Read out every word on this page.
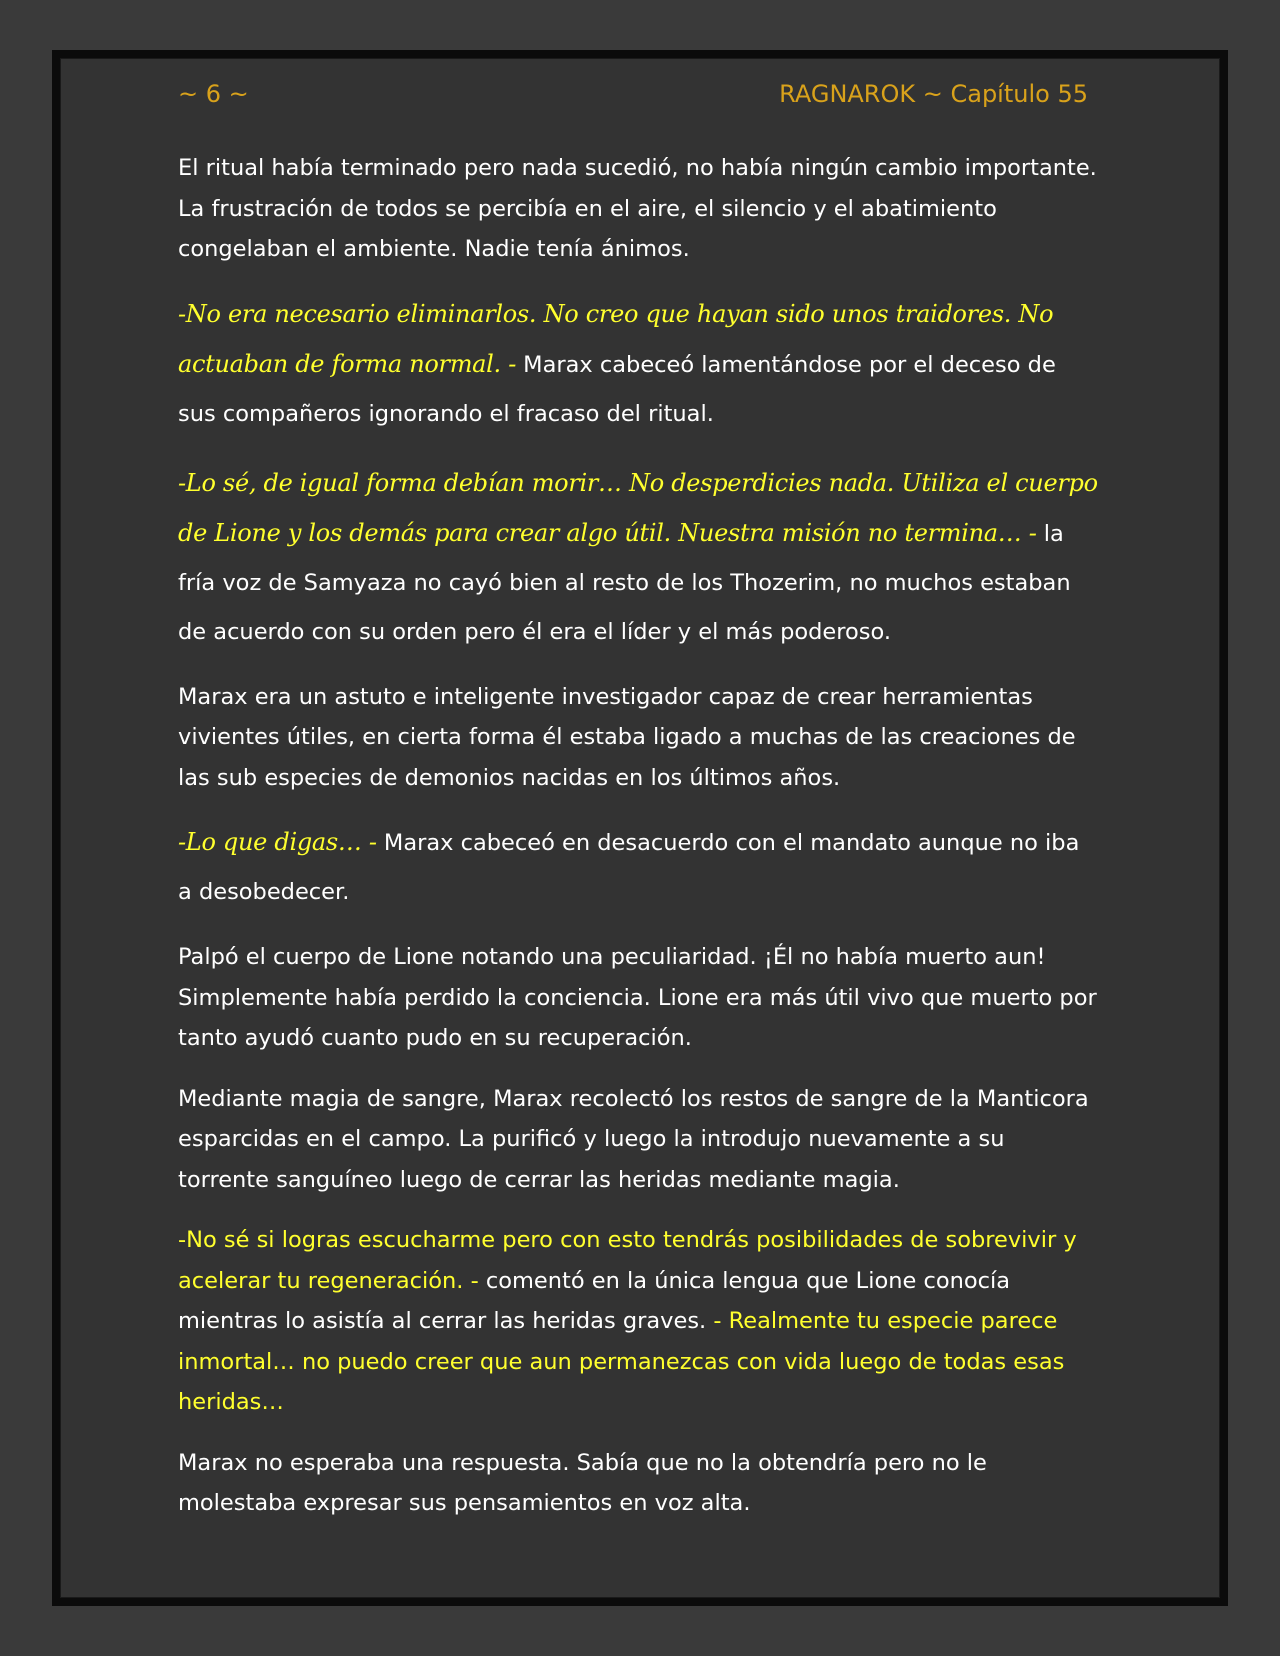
~ 6 ~	RAGNAROK ~ Capítulo 55

El ritual había terminado pero nada sucedió, no había ningún cambio importante. La frustración de todos se percibía en el aire, el silencio y el abatimiento congelaban el ambiente. Nadie tenía ánimos.

-No era necesario eliminarlos. No creo que hayan sido unos traidores. No actuaban de forma normal. - Marax cabeceó lamentándose por el deceso de sus compañeros ignorando el fracaso del ritual.

-Lo sé, de igual forma debían morir… No desperdicies nada. Utiliza el cuerpo de Lione y los demás para crear algo útil. Nuestra misión no termina… - la fría voz de Samyaza no cayó bien al resto de los Thozerim, no muchos estaban de acuerdo con su orden pero él era el líder y el más poderoso.

Marax era un astuto e inteligente investigador capaz de crear herramientas vivientes útiles, en cierta forma él estaba ligado a muchas de las creaciones de las sub especies de demonios nacidas en los últimos años.

-Lo que digas… - Marax cabeceó en desacuerdo con el mandato aunque no iba a desobedecer.

Palpó el cuerpo de Lione notando una peculiaridad. ¡Él no había muerto aun! Simplemente había perdido la conciencia. Lione era más útil vivo que muerto por tanto ayudó cuanto pudo en su recuperación.

Mediante magia de sangre, Marax recolectó los restos de sangre de la Manticora esparcidas en el campo. La purificó y luego la introdujo nuevamente a su torrente sanguíneo luego de cerrar las heridas mediante magia.

-No sé si logras escucharme pero con esto tendrás posibilidades de sobrevivir y acelerar tu regeneración. - comentó en la única lengua que Lione conocía mientras lo asistía al cerrar las heridas graves. - Realmente tu especie parece inmortal… no puedo creer que aun permanezcas con vida luego de todas esas heridas…

Marax no esperaba una respuesta. Sabía que no la obtendría pero no le molestaba expresar sus pensamientos en voz alta.
